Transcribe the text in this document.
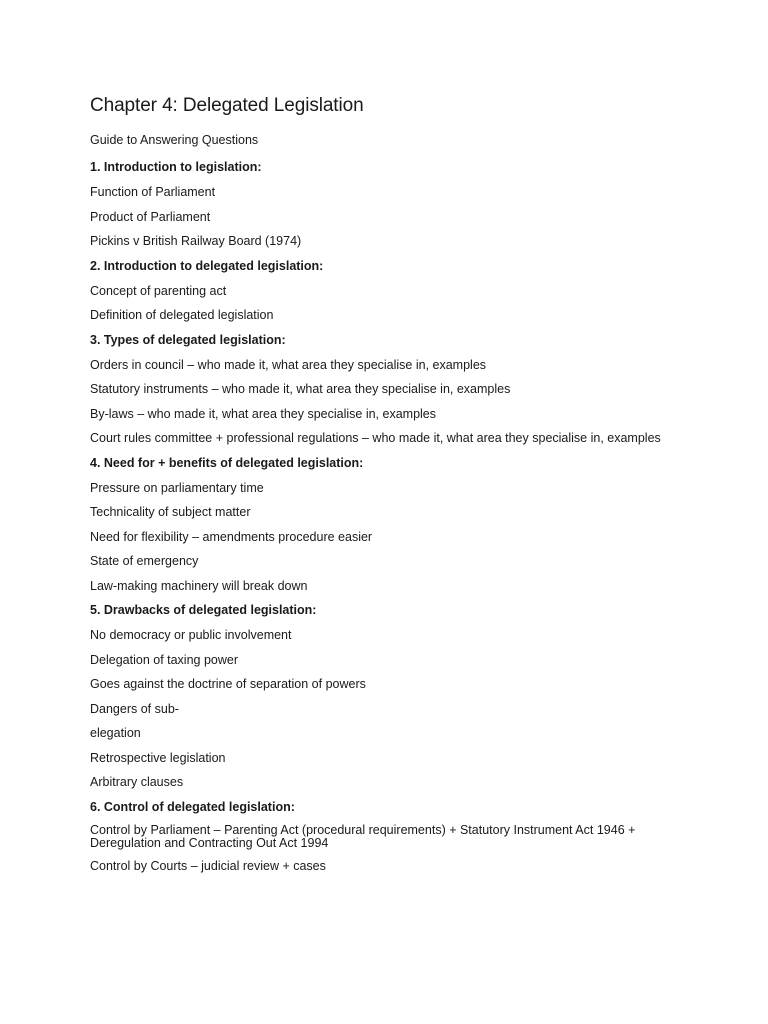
Chapter 4: Delegated Legislation

Guide to Answering Questions

1. Introduction to legislation:

Function of Parliament

Product of Parliament

Pickins v British Railway Board (1974)

2. Introduction to delegated legislation:

Concept of parenting act

Definition of delegated legislation

3. Types of delegated legislation:

Orders in council – who made it, what area they specialise in, examples

Statutory instruments – who made it, what area they specialise in, examples

By-laws – who made it, what area they specialise in, examples

Court rules committee + professional regulations – who made it, what area they specialise in, examples

4. Need for + benefits of delegated legislation:

Pressure on parliamentary time

Technicality of subject matter

Need for flexibility – amendments procedure easier

State of emergency

Law-making machinery will break down

5. Drawbacks of delegated legislation:

No democracy or public involvement

Delegation of taxing power

Goes against the doctrine of separation of powers

Dangers of sub-

elegation

Retrospective legislation

Arbitrary clauses

6. Control of delegated legislation:

Control by Parliament – Parenting Act (procedural requirements) + Statutory Instrument Act 1946 + Deregulation and Contracting Out Act 1994

Control by Courts – judicial review + cases
